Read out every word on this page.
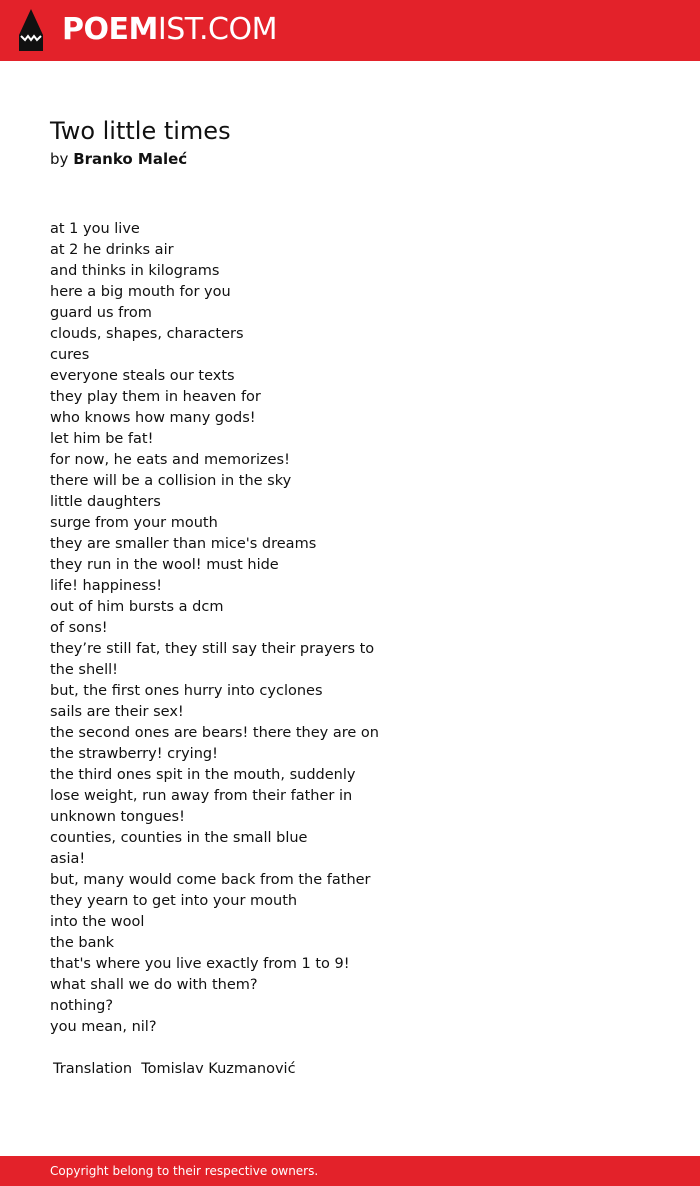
POEMIST.COM
Two little times
by Branko Maleć
at 1 you live
at 2 he drinks air
and thinks in kilograms
here a big mouth for you
guard us from
clouds, shapes, characters
cures
everyone steals our texts
they play them in heaven for
who knows how many gods!
let him be fat!
for now, he eats and memorizes!
there will be a collision in the sky
little daughters
surge from your mouth
they are smaller than mice's dreams
they run in the wool! must hide
life! happiness!
out of him bursts a dcm
of sons!
they’re still fat, they still say their prayers to
the shell!
but, the first ones hurry into cyclones
sails are their sex!
the second ones are bears! there they are on
the strawberry! crying!
the third ones spit in the mouth, suddenly
lose weight, run away from their father in
unknown tongues!
counties, counties in the small blue
asia!
but, many would come back from the father
they yearn to get into your mouth
into the wool
the bank
that's where you live exactly from 1 to 9!
what shall we do with them?
nothing?
you mean, nil?
Translation  Tomislav Kuzmanović
Copyright belong to their respective owners.
